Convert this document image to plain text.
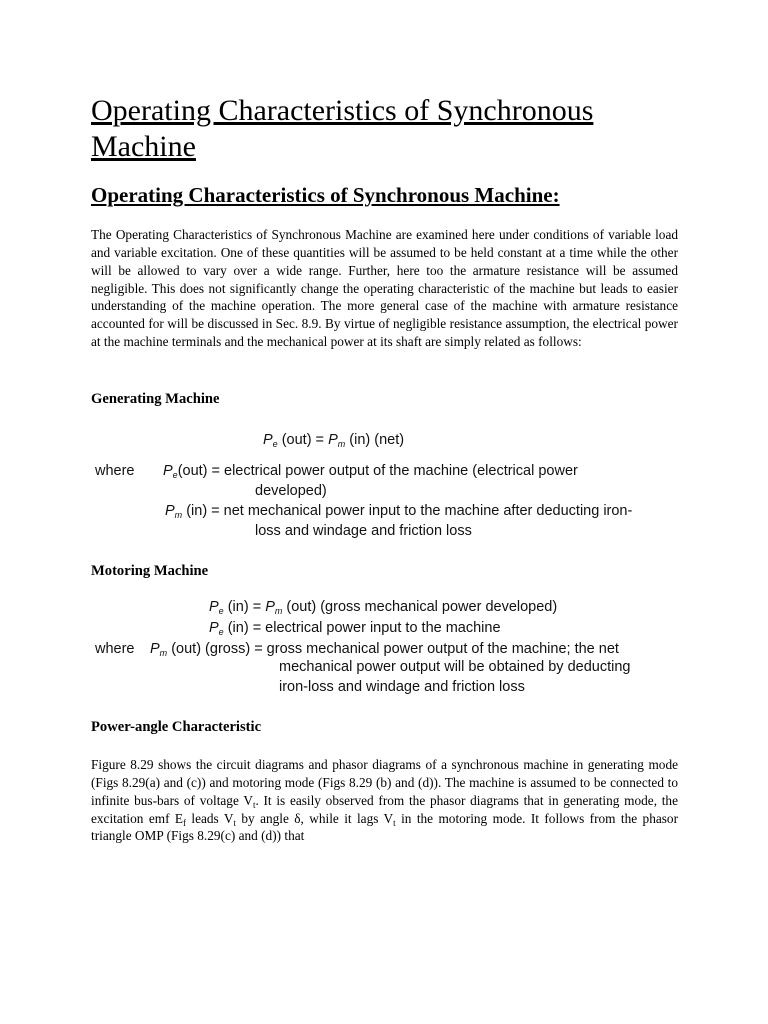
Operating Characteristics of Synchronous Machine
Operating Characteristics of Synchronous Machine:

The Operating Characteristics of Synchronous Machine are examined here under conditions of variable load and variable excitation. One of these quantities will be assumed to be held constant at a time while the other will be allowed to vary over a wide range. Further, here too the armature resistance will be assumed negligible. This does not significantly change the operating characteristic of the machine but leads to easier understanding of the machine operation. The more general case of the machine with armature resistance accounted for will be discussed in Sec. 8.9. By virtue of negligible resistance assumption, the electrical power at the machine terminals and the mechanical power at its shaft are simply related as follows:

Generating Machine

$P_e$ $(out) = P_m$ (in) (net)
where $P_e(out)$ = electrical power output of the machine (electrical power
developed)
$P_m$ (in) = net mechanical power input to the machine after deducting iron-
loss and windage and friction loss

Motoring Machine

$P_e$ $(in) = P_m$ (out) (gross mechanical power developed)
$P_e$ (in) = electrical power input to the machine
where $P_m$ (out) (gross) = gross mechanical power output of the machine; the net
mechanical power output will be obtained by deducting
iron-loss and windage and friction loss

Power-angle Characteristic

Figure 8.29 shows the circuit diagrams and phasor diagrams of a synchronous machine in generating mode (Figs 8.29(a) and (c)) and motoring mode (Figs 8.29 (b) and (d)). The machine is assumed to be connected to infinite bus-bars of voltage $V_t$. It is easily observed from the phasor diagrams that in generating mode, the excitation emf $E_f$ leads $V_t$ by angle δ, while it lags $V_t$ in the motoring mode. It follows from the phasor triangle OMP (Figs 8.29(c) and (d)) that
